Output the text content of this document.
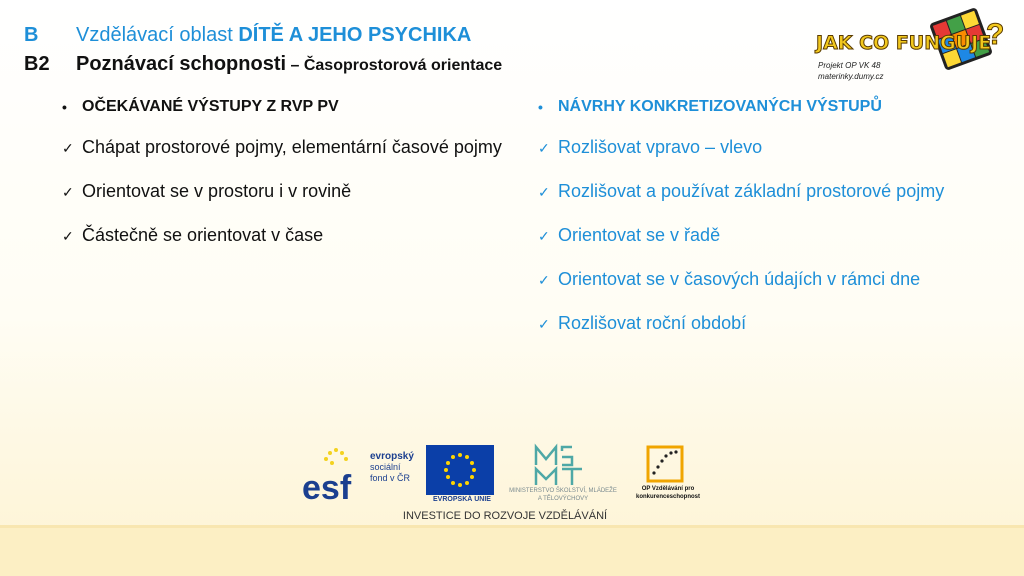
B Vzdělávací oblast DÍTĚ A JEHO PSYCHIKA
B2 Poznávací schopnosti – Časoprostorová orientace
JAK CO FUNGUJE
?
Projekt OP VK 48
materinky.dumy.cz
• OČEKÁVANÉ VÝSTUPY Z RVP PV
✓ Chápat prostorové pojmy, elementární časové pojmy
✓ Orientovat se v prostoru i v rovině
✓ Částečně se orientovat v čase
• NÁVRHY KONKRETIZOVANÝCH VÝSTUPŮ
✓ Rozlišovat vpravo – vlevo
✓ Rozlišovat a používat základní prostorové pojmy
✓ Orientovat se v řadě
✓ Orientovat se v časových údajích v rámci dne
✓ Rozlišovat roční období
esf
evropský
sociální
fond v ČR
EVROPSKÁ UNIE
MINISTERSTVO ŠKOLSTVÍ, MLÁDEŽE A TĚLOVÝCHOVY
OP Vzdělávání pro konkurenceschopnost
INVESTICE DO ROZVOJE VZDĚLÁVÁNÍ
